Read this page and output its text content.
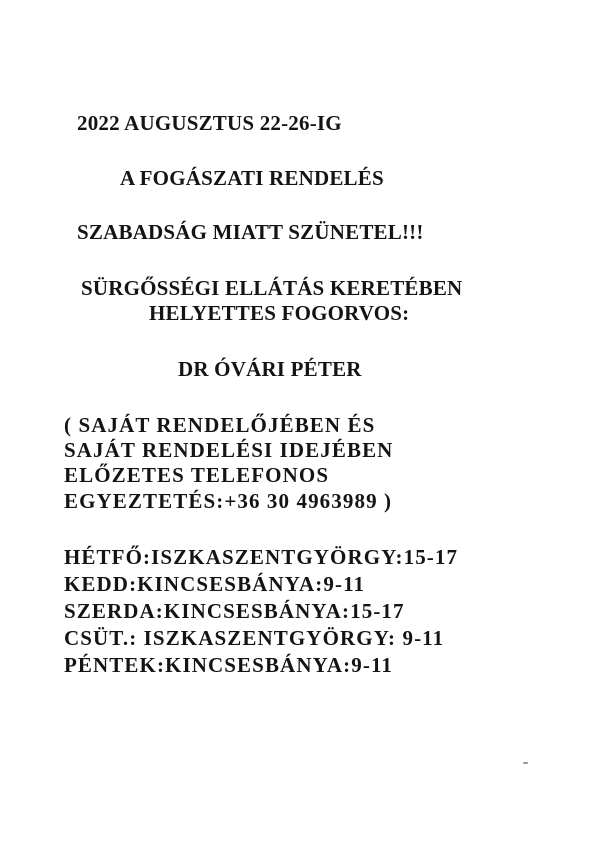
2022 AUGUSZTUS 22-26-IG
A FOGÁSZATI RENDELÉS
SZABADSÁG MIATT SZÜNETEL!!!
SÜRGŐSSÉGI ELLÁTÁS KERETÉBEN
HELYETTES FOGORVOS:
DR ÓVÁRI PÉTER
( SAJÁT RENDELŐJÉBEN ÉS
SAJÁT RENDELÉSI IDEJÉBEN
ELŐZETES TELEFONOS
EGYEZTETÉS:+36 30 4963989 )
HÉTFŐ:ISZKASZENTGYÖRGY:15-17
KEDD:KINCSESBÁNYA:9-11
SZERDA:KINCSESBÁNYA:15-17
CSÜT.: ISZKASZENTGYÖRGY: 9-11
PÉNTEK:KINCSESBÁNYA:9-11
